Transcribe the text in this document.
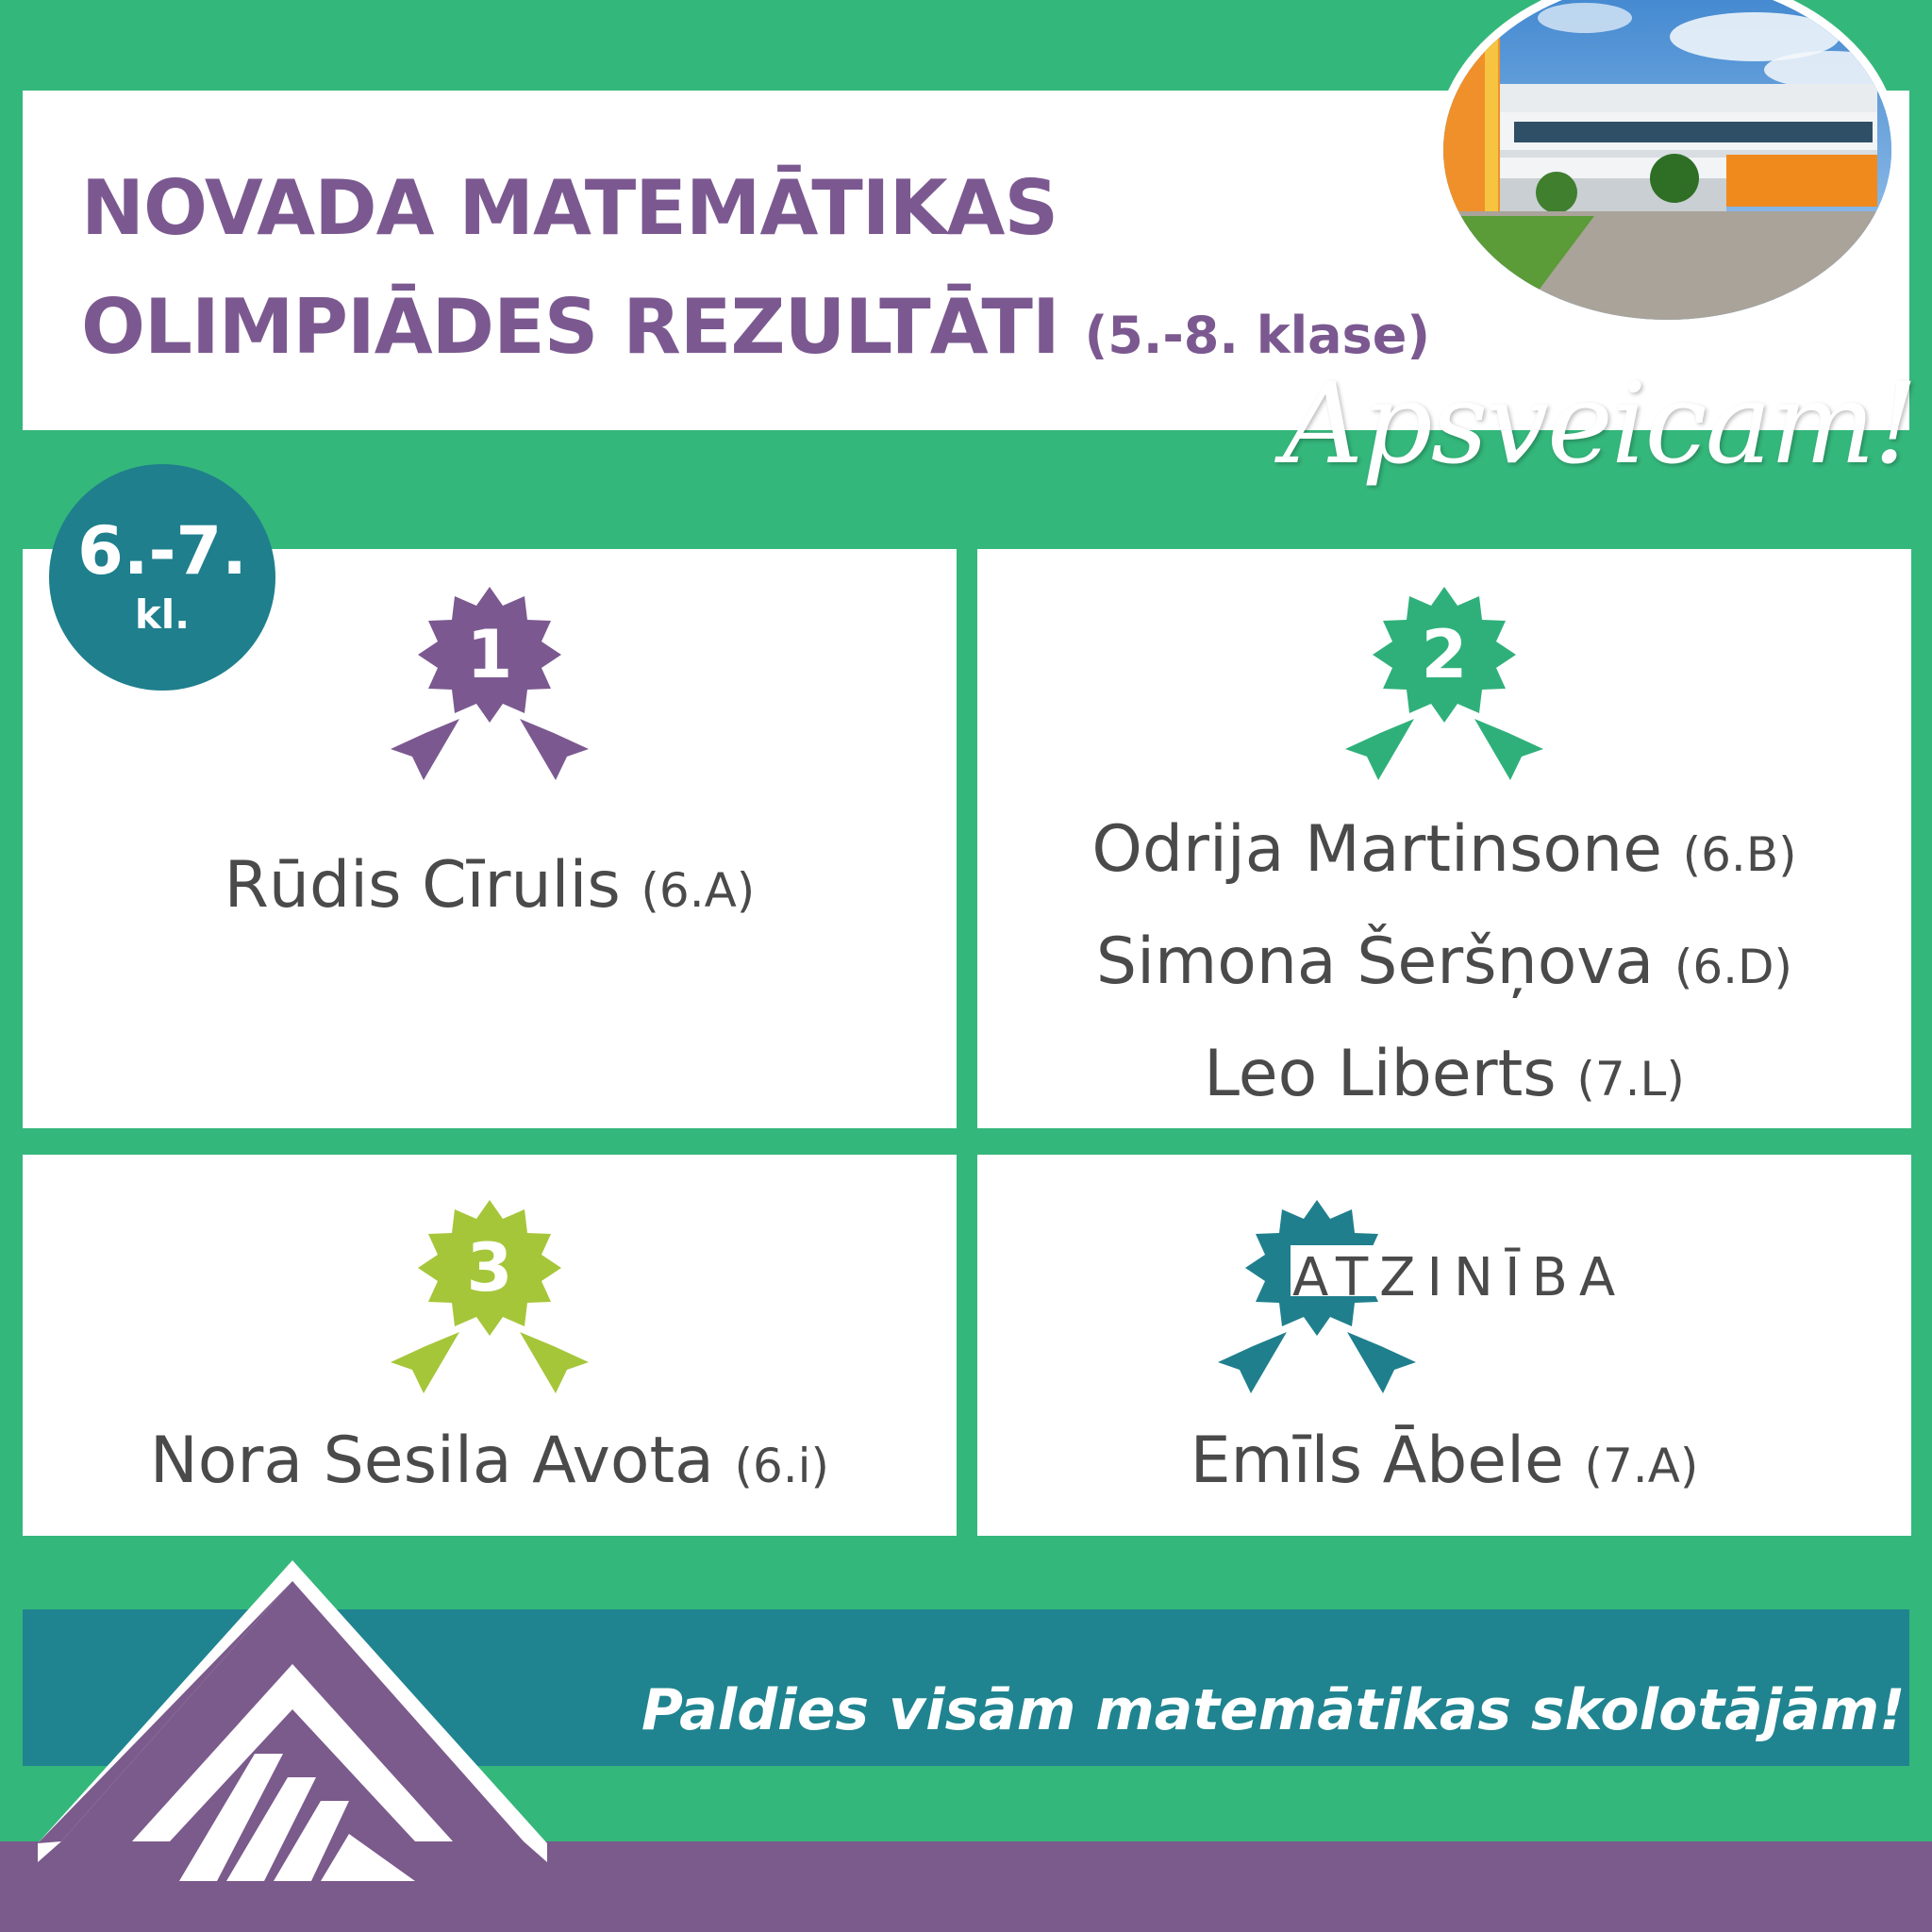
NOVADA MATEMĀTIKAS
OLIMPIĀDES REZULTĀTI (5.-8. klase)
Apsveicam!
6.-7.
kl.
1
Rūdis Cīrulis (6.A)
2
Odrija Martinsone (6.B)
Simona Šeršņova (6.D)
Leo Liberts (7.L)
3
Nora Sesila Avota (6.i)	Emīls Ābele (7.A)
ATZINĪBA
Paldies visām matemātikas skolotājām!
